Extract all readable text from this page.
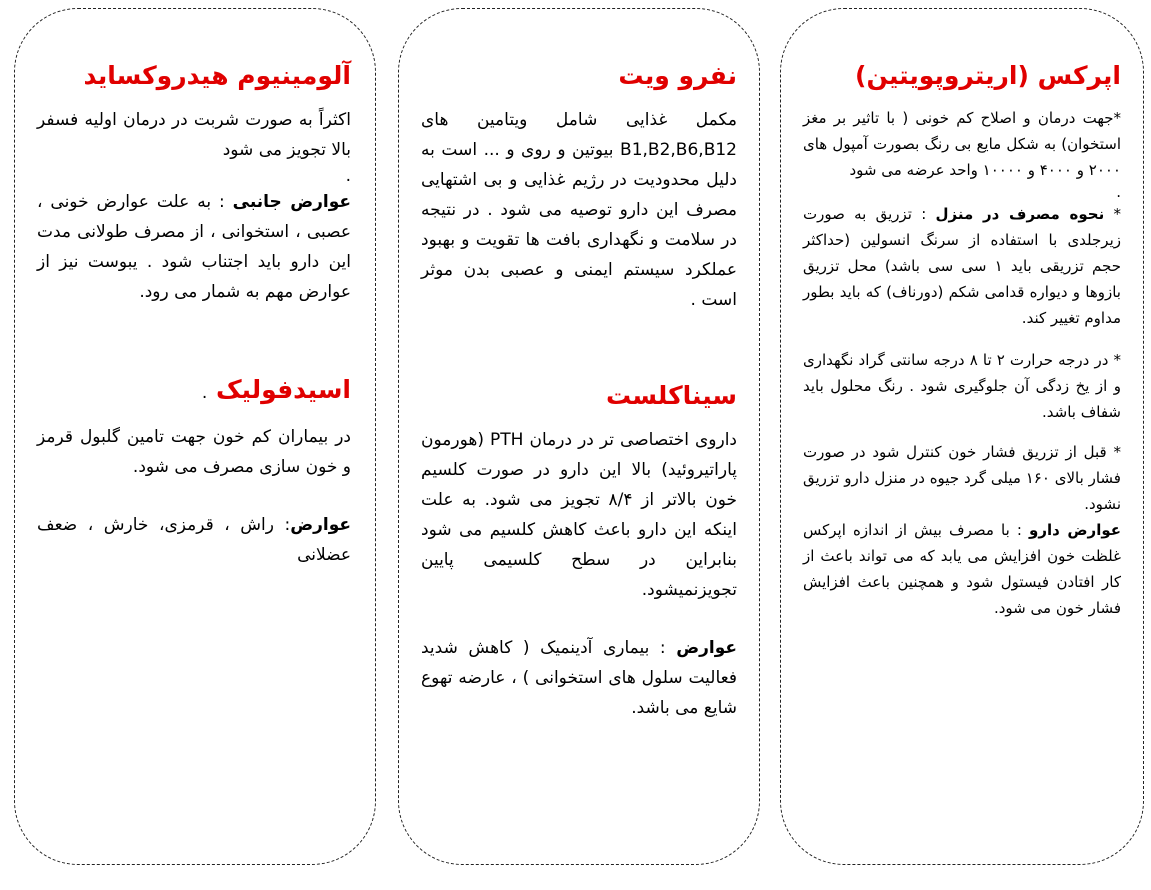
آلومینیوم هیدروکساید

اکثراً به صورت شربت در درمان اولیه فسفر بالا تجویز می شود

.

عوارض جانبی : به علت عوارض خونی ، عصبی ، استخوانی ، از مصرف طولانی مدت این دارو باید اجتناب شود . یبوست نیز از عوارض مهم به شمار می رود.

اسیدفولیک .

در بیماران کم خون جهت تامین گلبول قرمز و خون سازی مصرف می شود.

عوارض: راش ، قرمزی، خارش ، ضعف عضلانی

نفرو ویت

مکمل غذایی شامل ویتامین های B1,B2,B6,B12 بیوتین و روی و ... است به دلیل محدودیت در رژیم غذایی و بی اشتهایی مصرف این دارو توصیه می شود . در نتیجه در سلامت و نگهداری بافت ها تقویت و بهبود عملکرد سیستم ایمنی و عصبی بدن موثر است .

سیناکلست

داروی اختصاصی تر در درمان PTH (هورمون پاراتیروئید) بالا این دارو در صورت کلسیم خون بالاتر از ۸/۴ تجویز می شود. به علت اینکه این دارو باعث کاهش کلسیم می شود بنابراین در سطح کلسیمی پایین تجویزنمیشود.

عوارض : بیماری آدینمیک ( کاهش شدید فعالیت سلول های استخوانی ) ، عارضه تهوع شایع می باشد.

اپرکس (اریتروپویتین)

*جهت درمان و اصلاح کم خونی ( با تاثیر بر مغز استخوان) به شکل مایع بی رنگ بصورت آمپول های ۲۰۰۰ و ۴۰۰۰ و ۱۰۰۰۰ واحد عرضه می شود

.

* نحوه مصرف در منزل : تزریق به صورت زیرجلدی با استفاده از سرنگ انسولین (حداکثر حجم تزریقی باید ۱ سی سی باشد) محل تزریق بازوها و دیواره قدامی شکم (دورناف) که باید بطور مداوم تغییر کند.

* در درجه حرارت ۲ تا ۸ درجه سانتی گراد نگهداری و از یخ زدگی آن جلوگیری شود . رنگ محلول باید شفاف باشد.

* قبل از تزریق فشار خون کنترل شود در صورت فشار بالای ۱۶۰ میلی گرد جیوه در منزل دارو تزریق نشود.

عوارض دارو : با مصرف بیش از اندازه اپرکس غلظت خون افزایش می یابد که می تواند باعث از کار افتادن فیستول شود و همچنین باعث افزایش فشار خون می شود.
